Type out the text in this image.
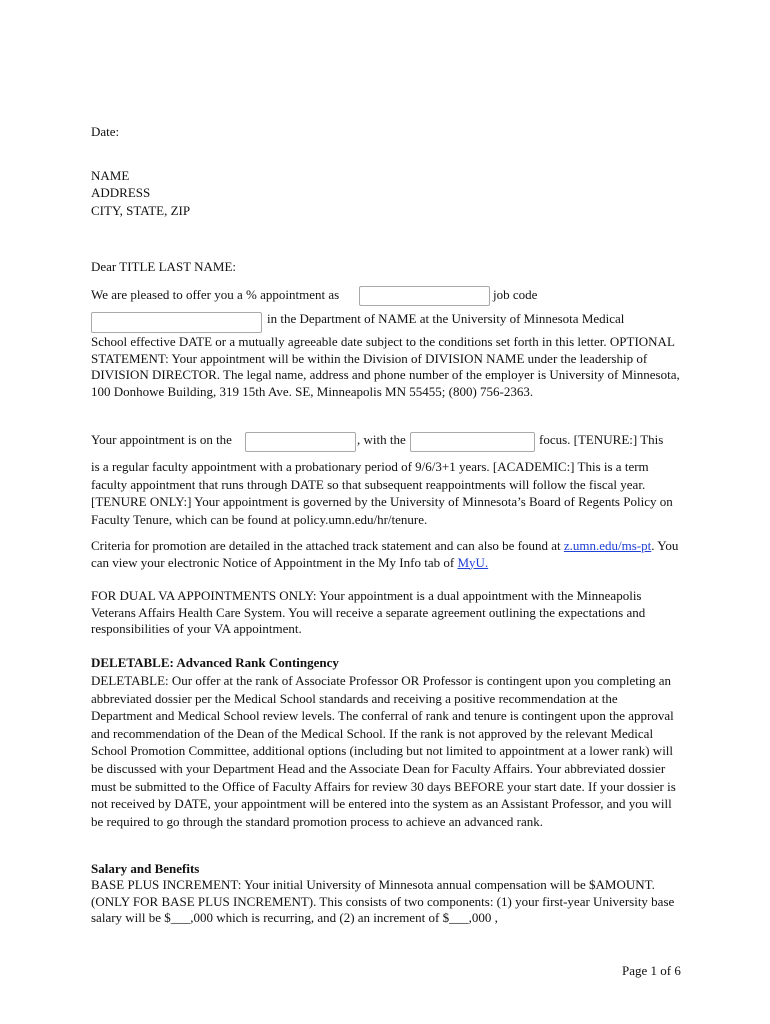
Date:
NAME
ADDRESS
CITY, STATE, ZIP
Dear TITLE LAST NAME:
We are pleased to offer you a % appointment as	job code
in the Department of NAME at the University of Minnesota Medical
School effective DATE or a mutually agreeable date subject to the conditions set forth in this letter. OPTIONAL STATEMENT: Your appointment will be within the Division of DIVISION NAME under the leadership of DIVISION DIRECTOR. The legal name, address and phone number of the employer is University of Minnesota, 100 Donhowe Building, 319 15th Ave. SE, Minneapolis MN 55455; (800) 756-2363.
Your appointment is on the	, with the	focus. [TENURE:] This
is a regular faculty appointment with a probationary period of 9/6/3+1 years. [ACADEMIC:] This is a term faculty appointment that runs through DATE so that subsequent reappointments will follow the fiscal year. [TENURE ONLY:] Your appointment is governed by the University of Minnesota’s Board of Regents Policy on Faculty Tenure, which can be found at policy.umn.edu/hr/tenure.
Criteria for promotion are detailed in the attached track statement and can also be found at z.umn.edu/ms-pt. You can view your electronic Notice of Appointment in the My Info tab of MyU.
FOR DUAL VA APPOINTMENTS ONLY: Your appointment is a dual appointment with the Minneapolis Veterans Affairs Health Care System. You will receive a separate agreement outlining the expectations and responsibilities of your VA appointment.
DELETABLE: Advanced Rank Contingency
DELETABLE: Our offer at the rank of Associate Professor OR Professor is contingent upon you completing an abbreviated dossier per the Medical School standards and receiving a positive recommendation at the Department and Medical School review levels. The conferral of rank and tenure is contingent upon the approval and recommendation of the Dean of the Medical School. If the rank is not approved by the relevant Medical School Promotion Committee, additional options (including but not limited to appointment at a lower rank) will be discussed with your Department Head and the Associate Dean for Faculty Affairs. Your abbreviated dossier must be submitted to the Office of Faculty Affairs for review 30 days BEFORE your start date. If your dossier is not received by DATE, your appointment will be entered into the system as an Assistant Professor, and you will be required to go through the standard promotion process to achieve an advanced rank.
Salary and Benefits
BASE PLUS INCREMENT: Your initial University of Minnesota annual compensation will be $AMOUNT. (ONLY FOR BASE PLUS INCREMENT). This consists of two components: (1) your first-year University base salary will be $___,000 which is recurring, and (2) an increment of $___,000 ,
Page 1 of 6
